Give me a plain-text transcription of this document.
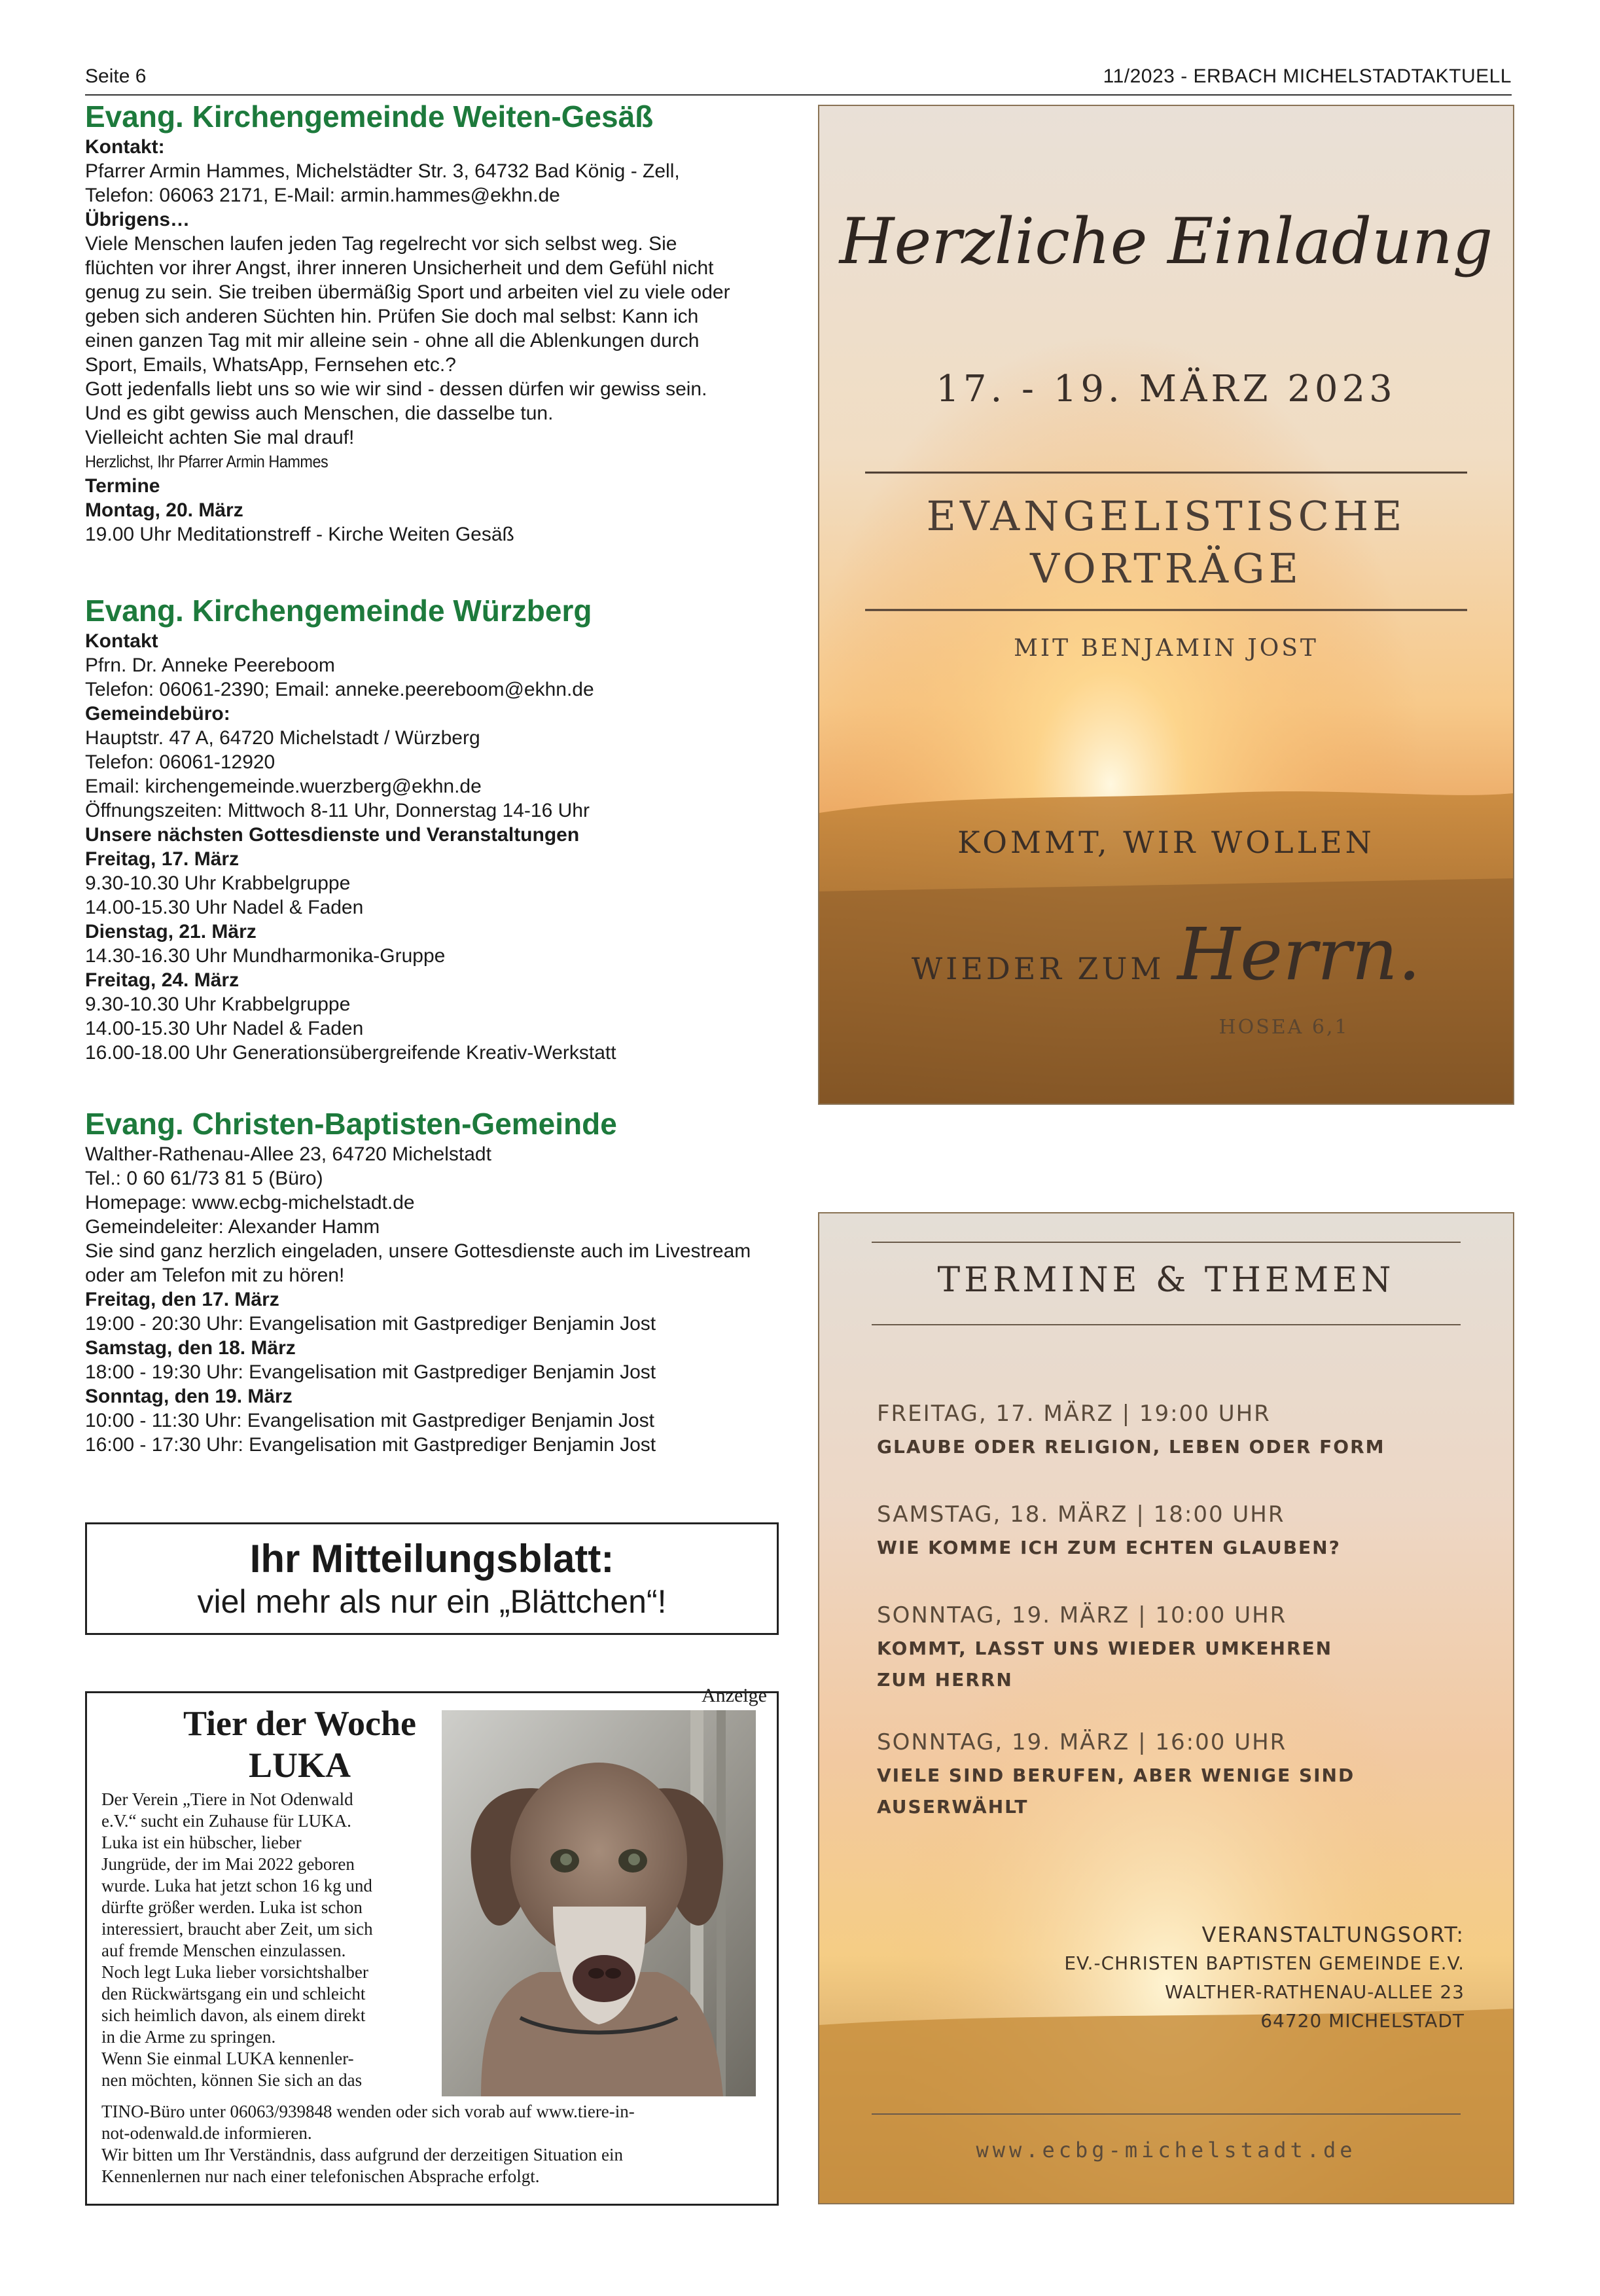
Seite 6	11/2023 - ERBACH MICHELSTADTAKTUELL
Evang. Kirchengemeinde Weiten-Gesäß

Kontakt:

Pfarrer Armin Hammes, Michelstädter Str. 3, 64732 Bad König - Zell,

Telefon: 06063 2171, E-Mail: armin.hammes@ekhn.de

Übrigens…

Viele Menschen laufen jeden Tag regelrecht vor sich selbst weg. Sie

flüchten vor ihrer Angst, ihrer inneren Unsicherheit und dem Gefühl nicht

genug zu sein. Sie treiben übermäßig Sport und arbeiten viel zu viele oder

geben sich anderen Süchten hin. Prüfen Sie doch mal selbst: Kann ich

einen ganzen Tag mit mir alleine sein - ohne all die Ablenkungen durch

Sport, Emails, WhatsApp, Fernsehen etc.?

Gott jedenfalls liebt uns so wie wir sind - dessen dürfen wir gewiss sein.

Und es gibt gewiss auch Menschen, die dasselbe tun.

Vielleicht achten Sie mal drauf!

Herzlichst, Ihr Pfarrer Armin Hammes

Termine

Montag, 20. März

19.00 Uhr Meditationstreff - Kirche Weiten Gesäß

Evang. Kirchengemeinde Würzberg

Kontakt

Pfrn. Dr. Anneke Peereboom

Telefon: 06061-2390; Email: anneke.peereboom@ekhn.de

Gemeindebüro:

Hauptstr. 47 A, 64720 Michelstadt / Würzberg

Telefon: 06061-12920

Email: kirchengemeinde.wuerzberg@ekhn.de

Öffnungszeiten: Mittwoch 8-11 Uhr, Donnerstag 14-16 Uhr

Unsere nächsten Gottesdienste und Veranstaltungen

Freitag, 17. März

9.30-10.30 Uhr Krabbelgruppe

14.00-15.30 Uhr Nadel & Faden

Dienstag, 21. März

14.30-16.30 Uhr Mundharmonika-Gruppe

Freitag, 24. März

9.30-10.30 Uhr Krabbelgruppe

14.00-15.30 Uhr Nadel & Faden

16.00-18.00 Uhr Generationsübergreifende Kreativ-Werkstatt

Evang. Christen-Baptisten-Gemeinde

Walther-Rathenau-Allee 23, 64720 Michelstadt

Tel.: 0 60 61/73 81 5 (Büro)

Homepage: www.ecbg-michelstadt.de

Gemeindeleiter: Alexander Hamm

Sie sind ganz herzlich eingeladen, unsere Gottesdienste auch im Livestream

oder am Telefon mit zu hören!

Freitag, den 17. März

19:00 - 20:30 Uhr: Evangelisation mit Gastprediger Benjamin Jost

Samstag, den 18. März

18:00 - 19:30 Uhr: Evangelisation mit Gastprediger Benjamin Jost

Sonntag, den 19. März

10:00 - 11:30 Uhr: Evangelisation mit Gastprediger Benjamin Jost

16:00 - 17:30 Uhr: Evangelisation mit Gastprediger Benjamin Jost

Ihr Mitteilungsblatt:
viel mehr als nur ein „Blättchen“!
Anzeige
Tier der Woche
LUKA
Der Verein „Tiere in Not Odenwald
e.V.“ sucht ein Zuhause für LUKA.
Luka ist ein hübscher, lieber
Jungrüde, der im Mai 2022 geboren
wurde. Luka hat jetzt schon 16 kg und
dürfte größer werden. Luka ist schon
interessiert, braucht aber Zeit, um sich
auf fremde Menschen einzulassen.
Noch legt Luka lieber vorsichtshalber
den Rückwärtsgang ein und schleicht
sich heimlich davon, als einem direkt
in die Arme zu springen.
Wenn Sie einmal LUKA kennenler-
nen möchten, können Sie sich an das
TINO-Büro unter 06063/939848 wenden oder sich vorab auf www.tiere-in-
not-odenwald.de informieren.
Wir bitten um Ihr Verständnis, dass aufgrund der derzeitigen Situation ein
Kennenlernen nur nach einer telefonischen Absprache erfolgt.
Herzliche Einladung
17. - 19. MÄRZ 2023
EVANGELISTISCHE
VORTRÄGE
MIT BENJAMIN JOST
KOMMT, WIR WOLLEN
WIEDER ZUM Herrn.
HOSEA 6,1
TERMINE & THEMEN
FREITAG, 17. MÄRZ | 19:00 UHR
GLAUBE ODER RELIGION, LEBEN ODER FORM
SAMSTAG, 18. MÄRZ | 18:00 UHR
WIE KOMME ICH ZUM ECHTEN GLAUBEN?
SONNTAG, 19. MÄRZ | 10:00 UHR
KOMMT, LASST UNS WIEDER UMKEHREN
ZUM HERRN
SONNTAG, 19. MÄRZ | 16:00 UHR
VIELE SIND BERUFEN, ABER WENIGE SIND
AUSERWÄHLT
VERANSTALTUNGSORT:
EV.-CHRISTEN BAPTISTEN GEMEINDE E.V.
WALTHER-RATHENAU-ALLEE 23
64720 MICHELSTADT
www.ecbg-michelstadt.de
